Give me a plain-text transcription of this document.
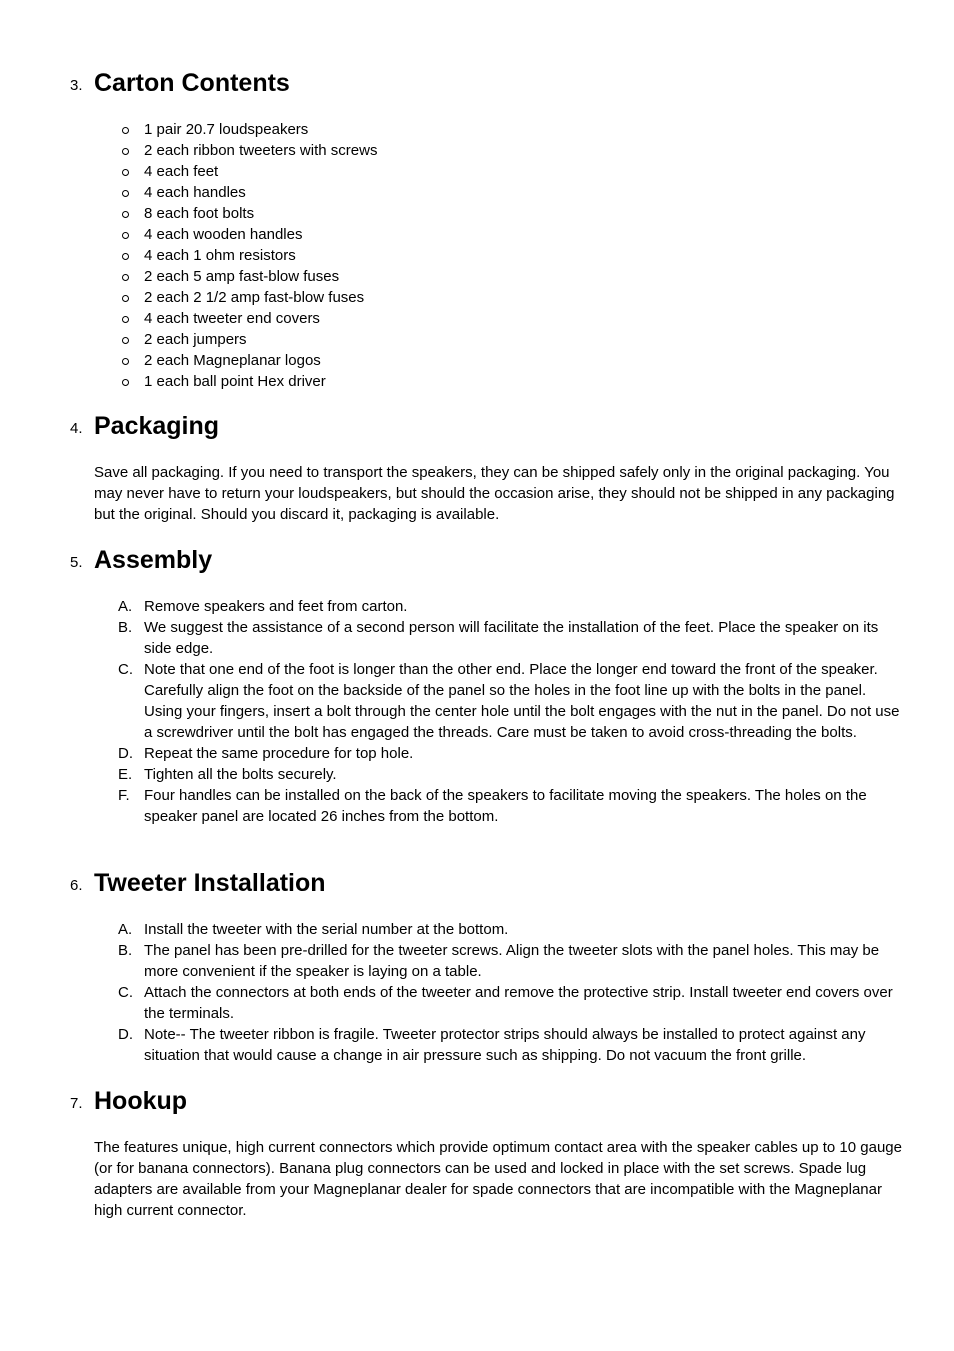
3. Carton Contents
1 pair 20.7 loudspeakers
2 each ribbon tweeters with screws
4 each feet
4 each handles
8 each foot bolts
4 each wooden handles
4 each 1 ohm resistors
2 each 5 amp fast-blow fuses
2 each 2 1/2 amp fast-blow fuses
4 each tweeter end covers
2 each jumpers
2 each Magneplanar logos
1 each ball point Hex driver
4. Packaging

Save all packaging. If you need to transport the speakers, they can be shipped safely only in the original packaging. You may never have to return your loudspeakers, but should the occasion arise, they should not be shipped in any packaging but the original. Should you discard it, packaging is available.

5. Assembly
A. Remove speakers and feet from carton.
B. We suggest the assistance of a second person will facilitate the installation of the feet. Place the speaker on its side edge.
C. Note that one end of the foot is longer than the other end. Place the longer end toward the front of the speaker. Carefully align the foot on the backside of the panel so the holes in the foot line up with the bolts in the panel. Using your fingers, insert a bolt through the center hole until the bolt engages with the nut in the panel. Do not use a screwdriver until the bolt has engaged the threads. Care must be taken to avoid cross-threading the bolts.
D. Repeat the same procedure for top hole.
E. Tighten all the bolts securely.
F. Four handles can be installed on the back of the speakers to facilitate moving the speakers. The holes on the speaker panel are located 26 inches from the bottom.
6. Tweeter Installation
A. Install the tweeter with the serial number at the bottom.
B. The panel has been pre-drilled for the tweeter screws. Align the tweeter slots with the panel holes. This may be more convenient if the speaker is laying on a table.
C. Attach the connectors at both ends of the tweeter and remove the protective strip. Install tweeter end covers over the terminals.
D. Note-- The tweeter ribbon is fragile. Tweeter protector strips should always be installed to protect against any situation that would cause a change in air pressure such as shipping. Do not vacuum the front grille.
7. Hookup

The features unique, high current connectors which provide optimum contact area with the speaker cables up to 10 gauge (or for banana connectors). Banana plug connectors can be used and locked in place with the set screws. Spade lug adapters are available from your Magneplanar dealer for spade connectors that are incompatible with the Magneplanar high current connector.
